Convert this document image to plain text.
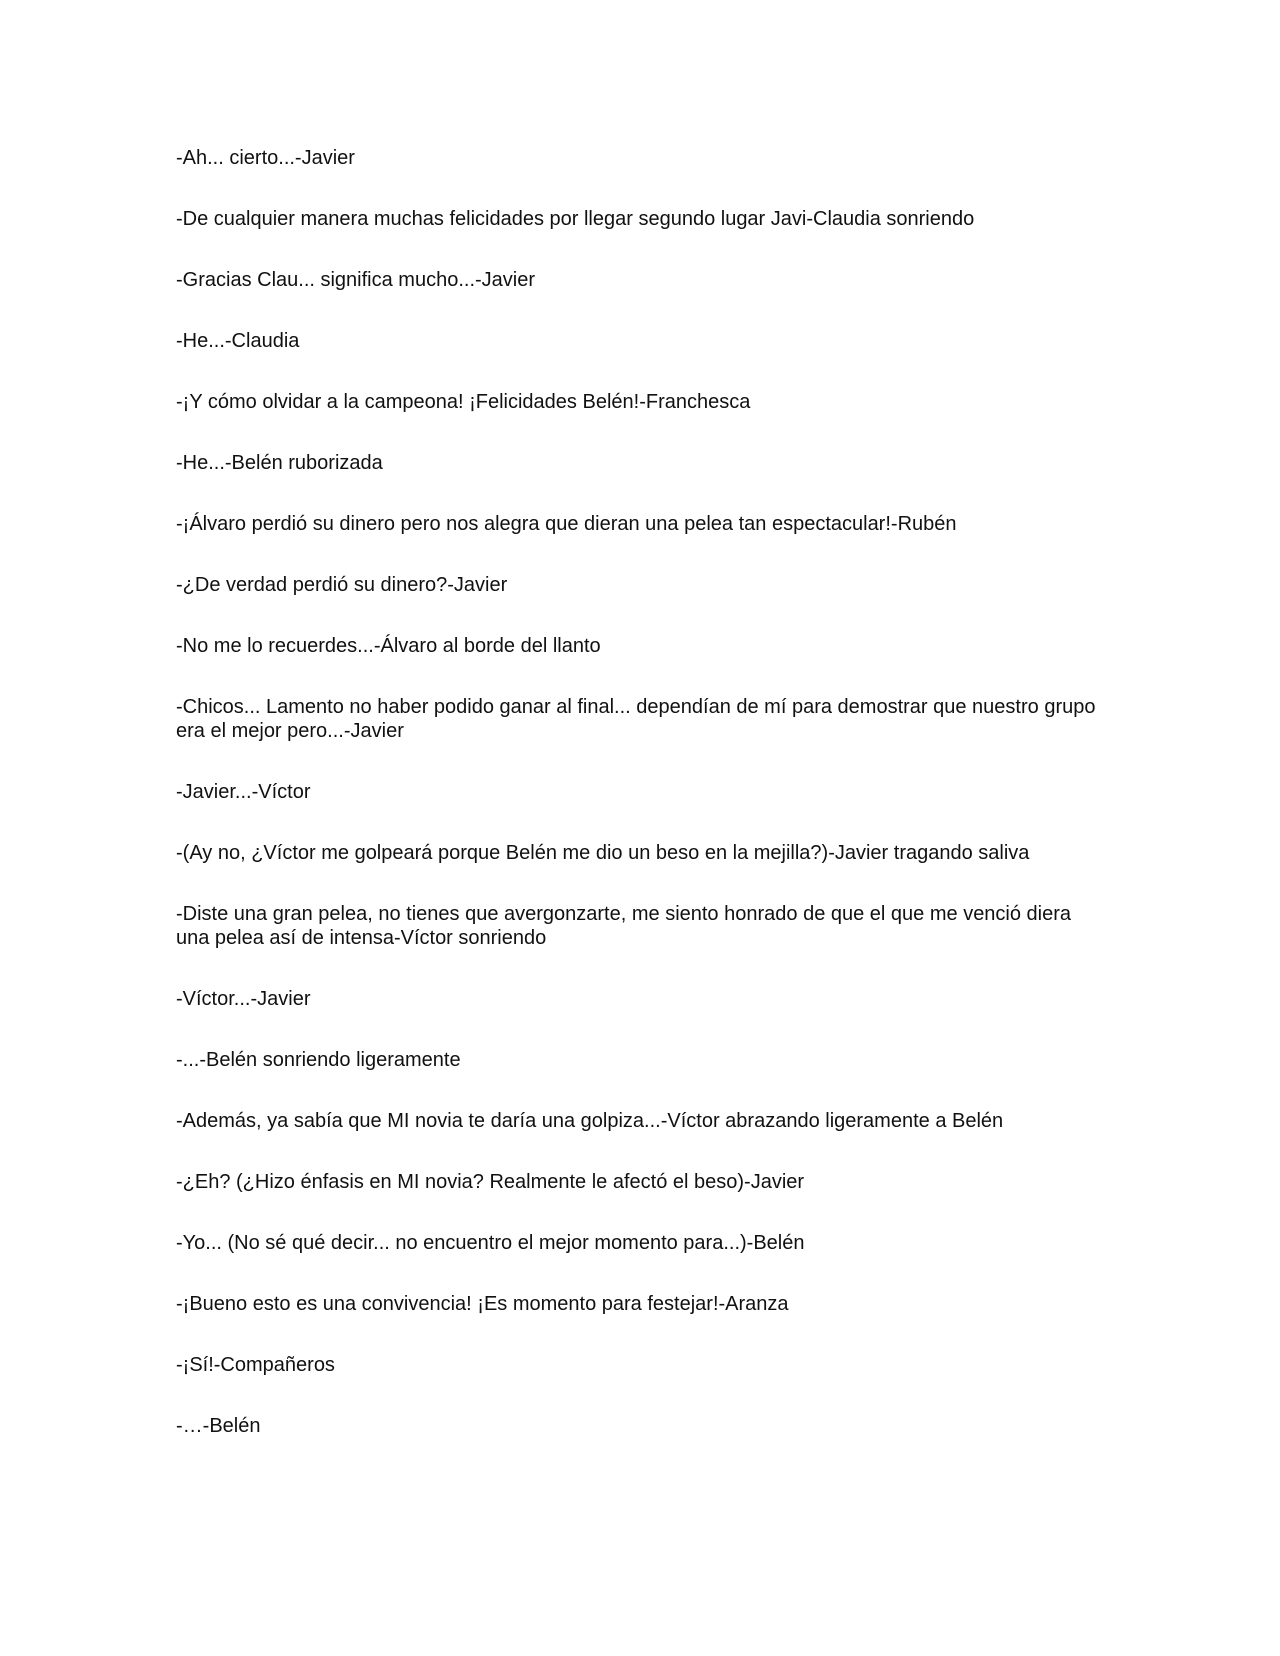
-Ah... cierto...-Javier

-De cualquier manera muchas felicidades por llegar segundo lugar Javi-Claudia sonriendo

-Gracias Clau... significa mucho...-Javier

-He...-Claudia

-¡Y cómo olvidar a la campeona! ¡Felicidades Belén!-Franchesca

-He...-Belén ruborizada

-¡Álvaro perdió su dinero pero nos alegra que dieran una pelea tan espectacular!-Rubén

-¿De verdad perdió su dinero?-Javier

-No me lo recuerdes...-Álvaro al borde del llanto

-Chicos... Lamento no haber podido ganar al final... dependían de mí para demostrar que nuestro grupo era el mejor pero...-Javier

-Javier...-Víctor

-(Ay no, ¿Víctor me golpeará porque Belén me dio un beso en la mejilla?)-Javier tragando saliva

-Diste una gran pelea, no tienes que avergonzarte, me siento honrado de que el que me venció diera una pelea así de intensa-Víctor sonriendo

-Víctor...-Javier

-...-Belén sonriendo ligeramente

-Además, ya sabía que MI novia te daría una golpiza...-Víctor abrazando ligeramente a Belén

-¿Eh? (¿Hizo énfasis en MI novia? Realmente le afectó el beso)-Javier

-Yo... (No sé qué decir... no encuentro el mejor momento para...)-Belén

-¡Bueno esto es una convivencia! ¡Es momento para festejar!-Aranza

-¡Sí!-Compañeros

-…-Belén
